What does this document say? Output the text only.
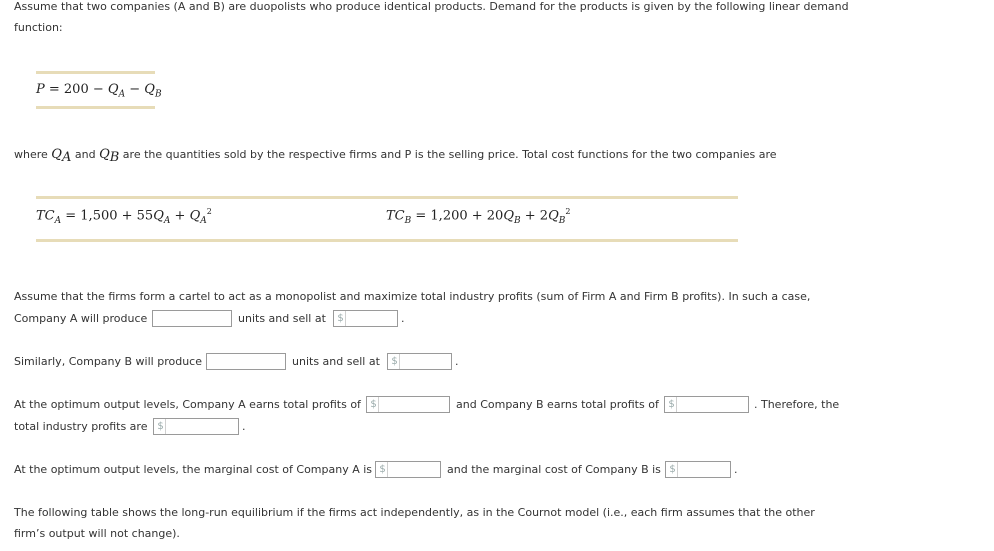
Assume that two companies (A and B) are duopolists who produce identical products. Demand for the products is given by the following linear demand
function:
$P = 200 - Q_A - Q_B$
where $Q_A$ and $Q_B$ are the quantities sold by the respective firms and P is the selling price. Total cost functions for the two companies are
$TC_A = 1,500 + 55Q_A + Q_A^2$	$TC_B = 1,200 + 20Q_B + 2Q_B^2$
Assume that the firms form a cartel to act as a monopolist and maximize total industry profits (sum of Firm A and Firm B profits). In such a case,
Company A will produce	units and sell at $	.
Similarly, Company B will produce	units and sell at $	.
At the optimum output levels, Company A earns total profits of $	and Company B earns total profits of $	. Therefore, the
total industry profits are $	.
At the optimum output levels, the marginal cost of Company A is $	and the marginal cost of Company B is $	.
The following table shows the long-run equilibrium if the firms act independently, as in the Cournot model (i.e., each firm assumes that the other
firm’s output will not change).
